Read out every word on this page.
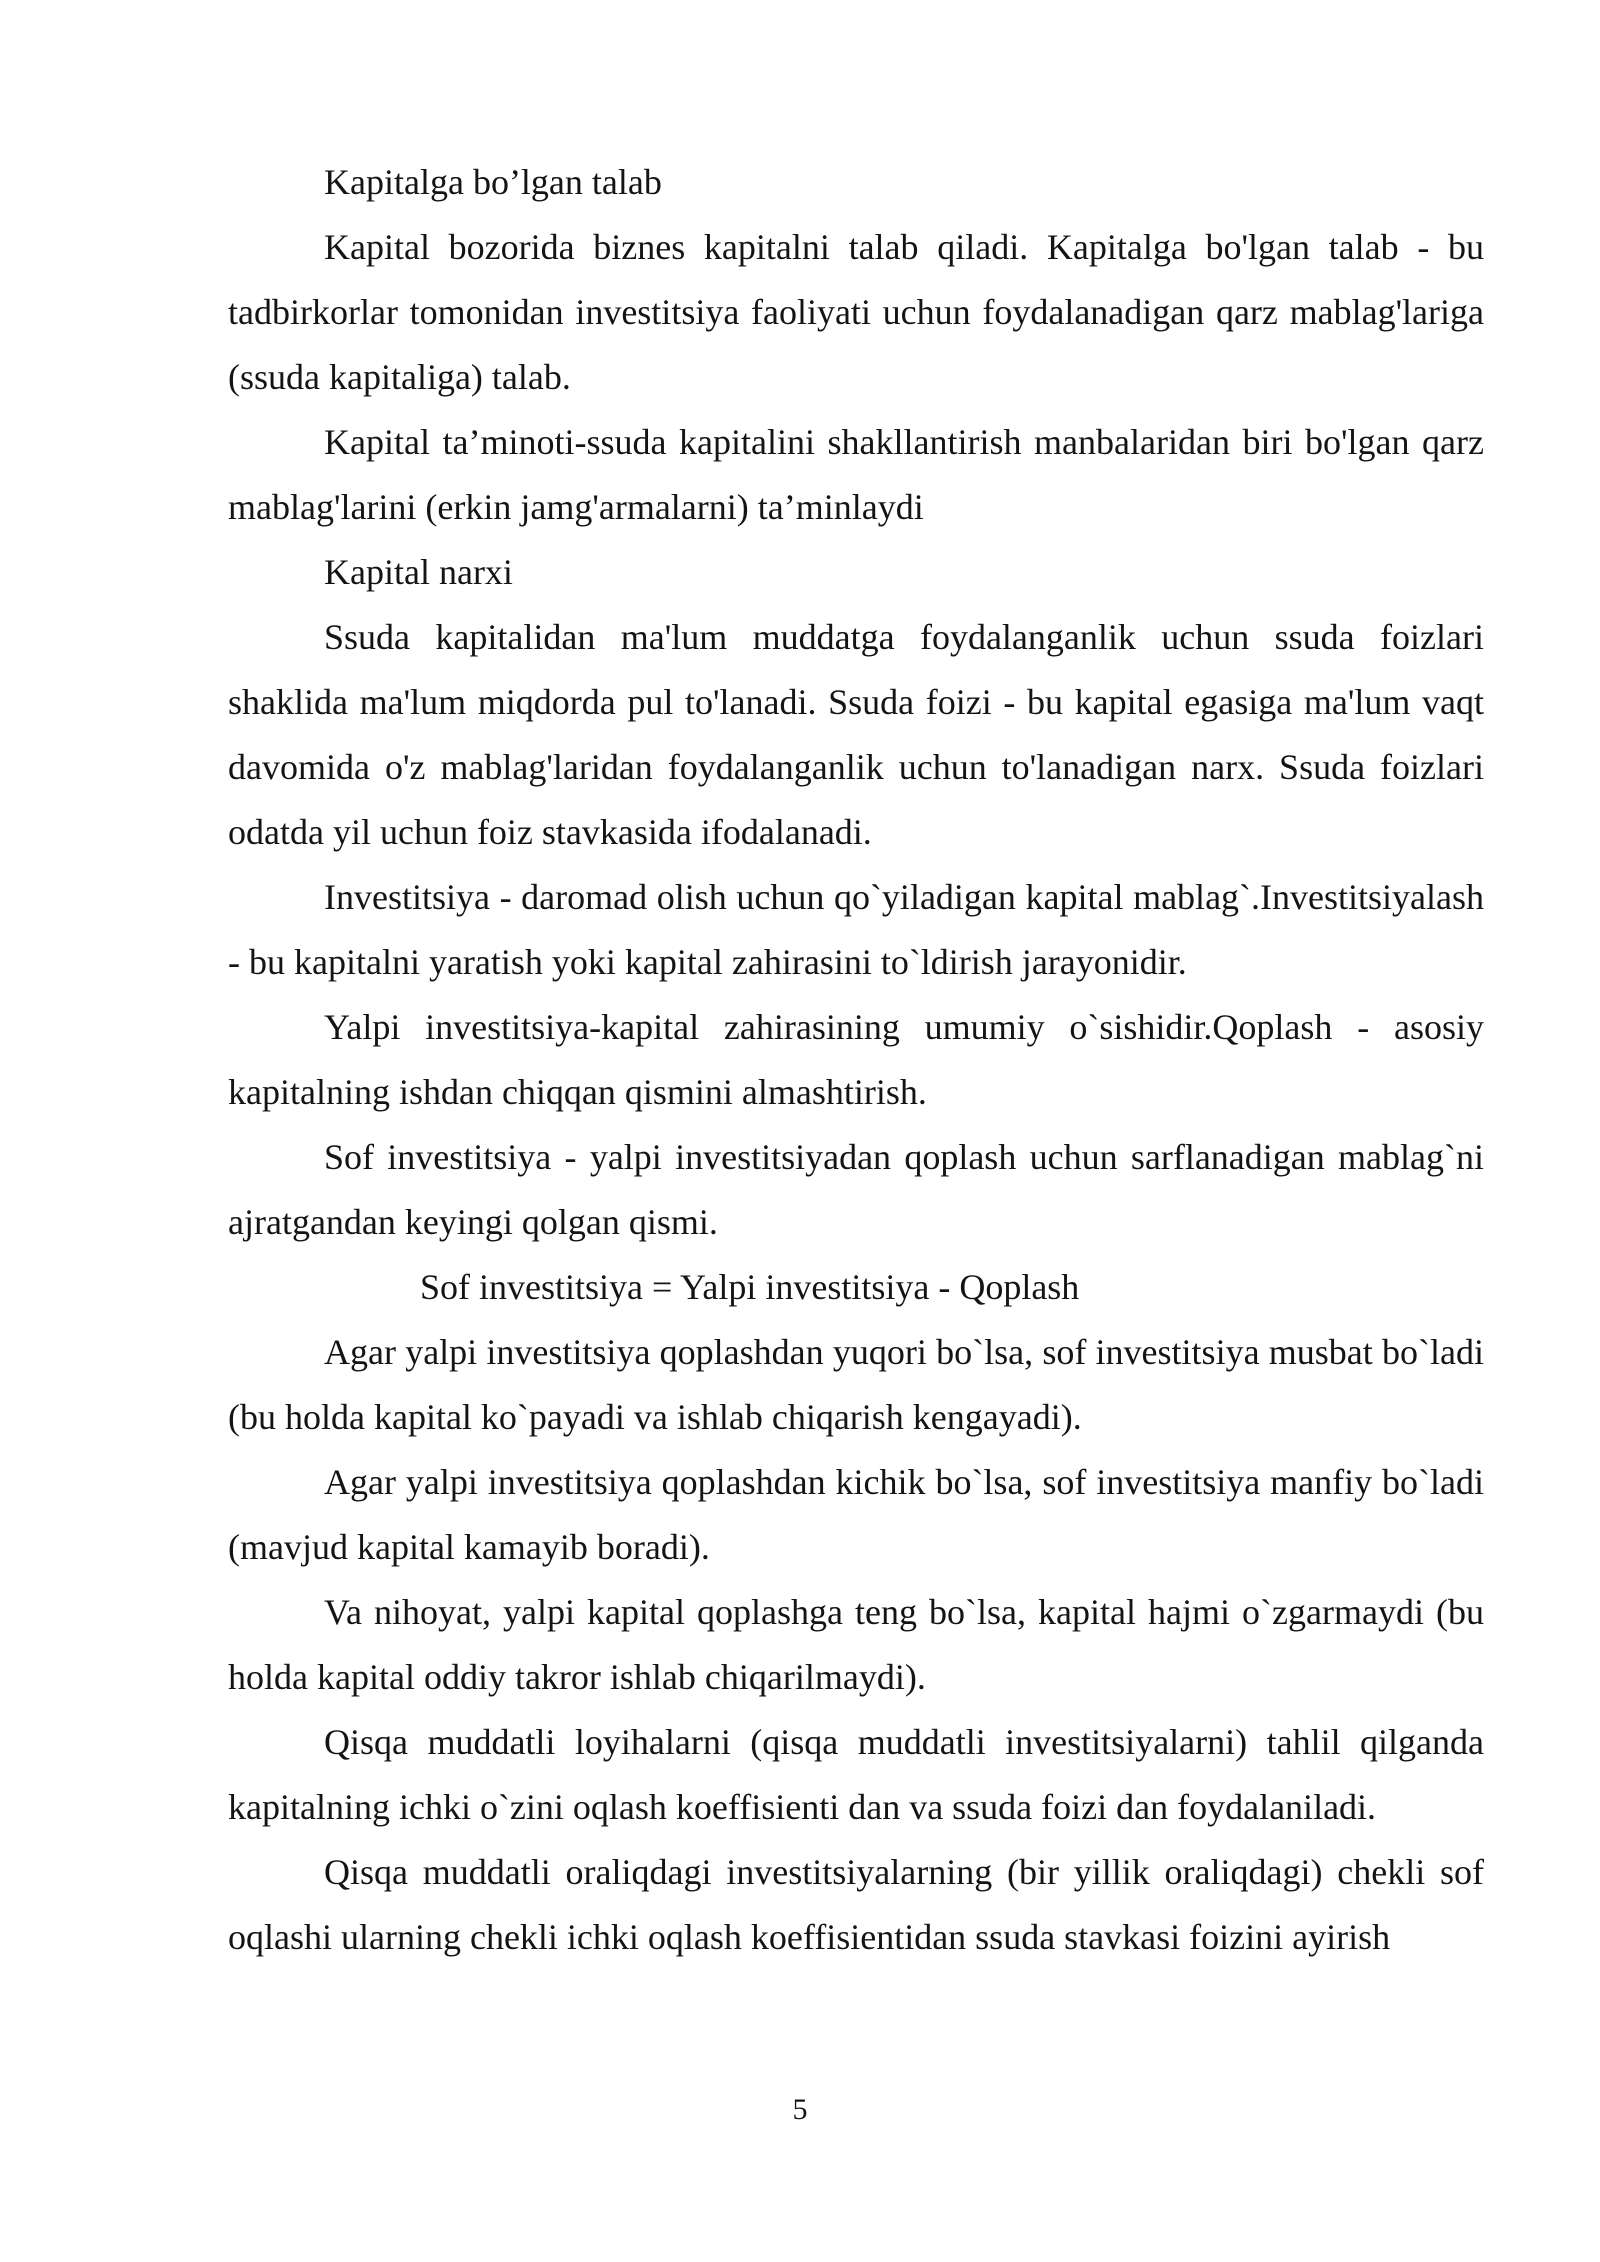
Kapitalga bo’lgan talab

Kapital bozorida biznes kapitalni talab qiladi. Kapitalga bo'lgan talab - bu tadbirkorlar tomonidan investitsiya faoliyati uchun foydalanadigan qarz mablag'lariga (ssuda kapitaliga) talab.

Kapital ta’minoti-ssuda kapitalini shakllantirish manbalaridan biri bo'lgan qarz mablag'larini (erkin jamg'armalarni) ta’minlaydi

Kapital narxi

Ssuda kapitalidan ma'lum muddatga foydalanganlik uchun ssuda foizlari shaklida ma'lum miqdorda pul to'lanadi. Ssuda foizi - bu kapital egasiga ma'lum vaqt davomida o'z mablag'laridan foydalanganlik uchun to'lanadigan narx. Ssuda foizlari odatda yil uchun foiz stavkasida ifodalanadi.

Investitsiya - daromad olish uchun qo`yiladigan kapital mablag`.Investitsiyalash - bu kapitalni yaratish yoki kapital zahirasini to`ldirish jarayonidir.

Yalpi investitsiya-kapital zahirasining umumiy o`sishidir.Qoplash - asosiy kapitalning ishdan chiqqan qismini almashtirish.

Sof investitsiya - yalpi investitsiyadan qoplash uchun sarflanadigan mablag`ni ajratgandan keyingi qolgan qismi.

Sof investitsiya = Yalpi investitsiya - Qoplash

Agar yalpi investitsiya qoplashdan yuqori bo`lsa, sof investitsiya musbat bo`ladi (bu holda kapital ko`payadi va ishlab chiqarish kengayadi).

Agar yalpi investitsiya qoplashdan kichik bo`lsa, sof investitsiya manfiy bo`ladi (mavjud kapital kamayib boradi).

Va nihoyat, yalpi kapital qoplashga teng bo`lsa, kapital hajmi o`zgarmaydi (bu holda kapital oddiy takror ishlab chiqarilmaydi).

Qisqa muddatli loyihalarni (qisqa muddatli investitsiyalarni) tahlil qilganda kapitalning ichki o`zini oqlash koeffisienti dan va ssuda foizi dan foydalaniladi.

Qisqa muddatli oraliqdagi investitsiyalarning (bir yillik oraliqdagi) chekli sof oqlashi ularning chekli ichki oqlash koeffisientidan ssuda stavkasi foizini ayirish

5
